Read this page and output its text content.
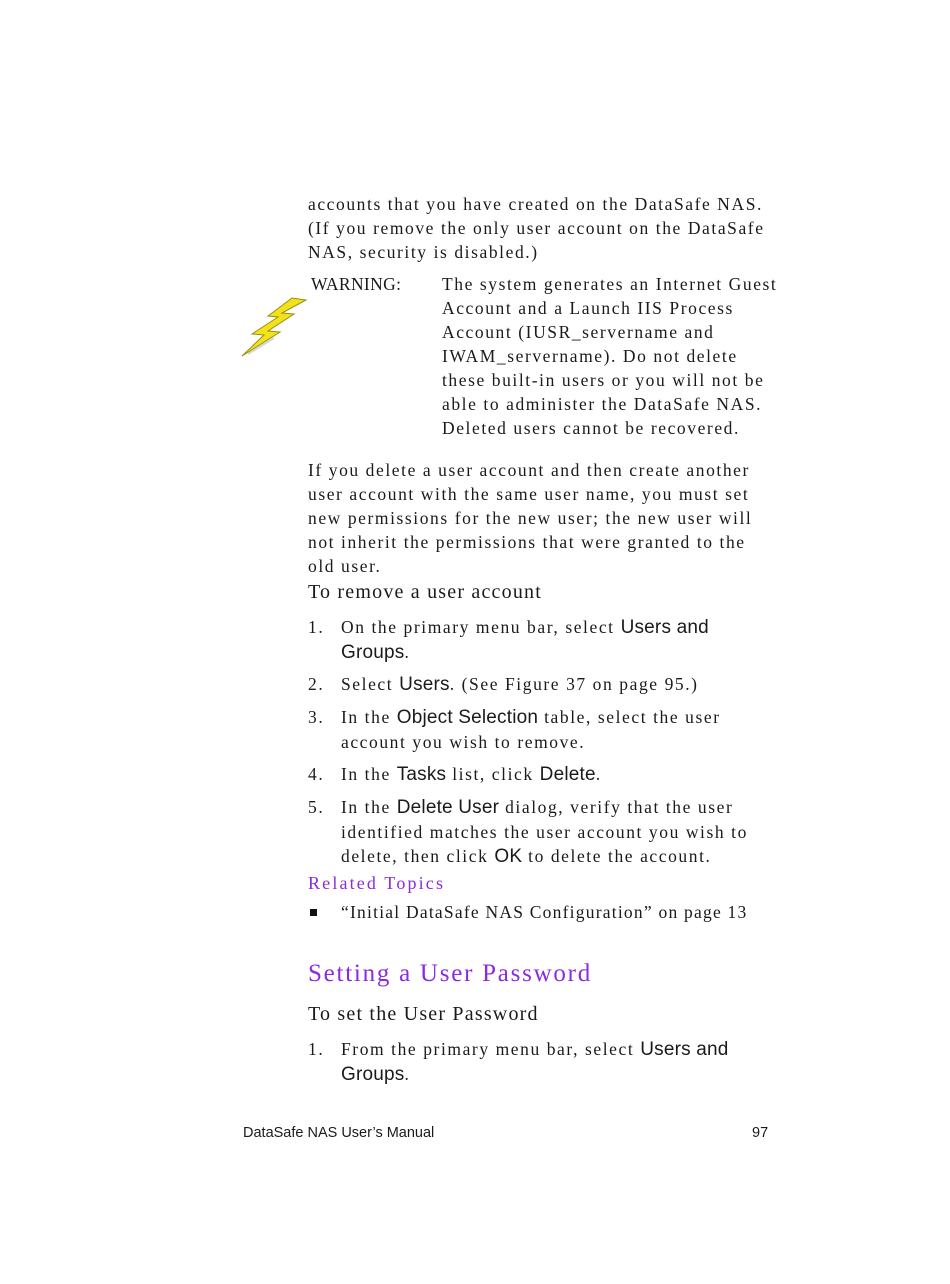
accounts that you have created on the DataSafe NAS. (If you remove the only user account on the DataSafe NAS, security is disabled.)
WARNING: The system generates an Internet Guest Account and a Launch IIS Process Account (IUSR_servername and IWAM_servername). Do not delete these built-in users or you will not be able to administer the DataSafe NAS. Deleted users cannot be recovered.
If you delete a user account and then create another user account with the same user name, you must set new permissions for the new user; the new user will not inherit the permissions that were granted to the old user.
To remove a user account
1. On the primary menu bar, select Users and Groups.
2. Select Users. (See Figure 37 on page 95.)
3. In the Object Selection table, select the user account you wish to remove.
4. In the Tasks list, click Delete.
5. In the Delete User dialog, verify that the user identified matches the user account you wish to delete, then click OK to delete the account.
Related Topics
“Initial DataSafe NAS Configuration” on page 13
Setting a User Password
To set the User Password
1. From the primary menu bar, select Users and Groups.
DataSafe NAS User’s Manual	97
